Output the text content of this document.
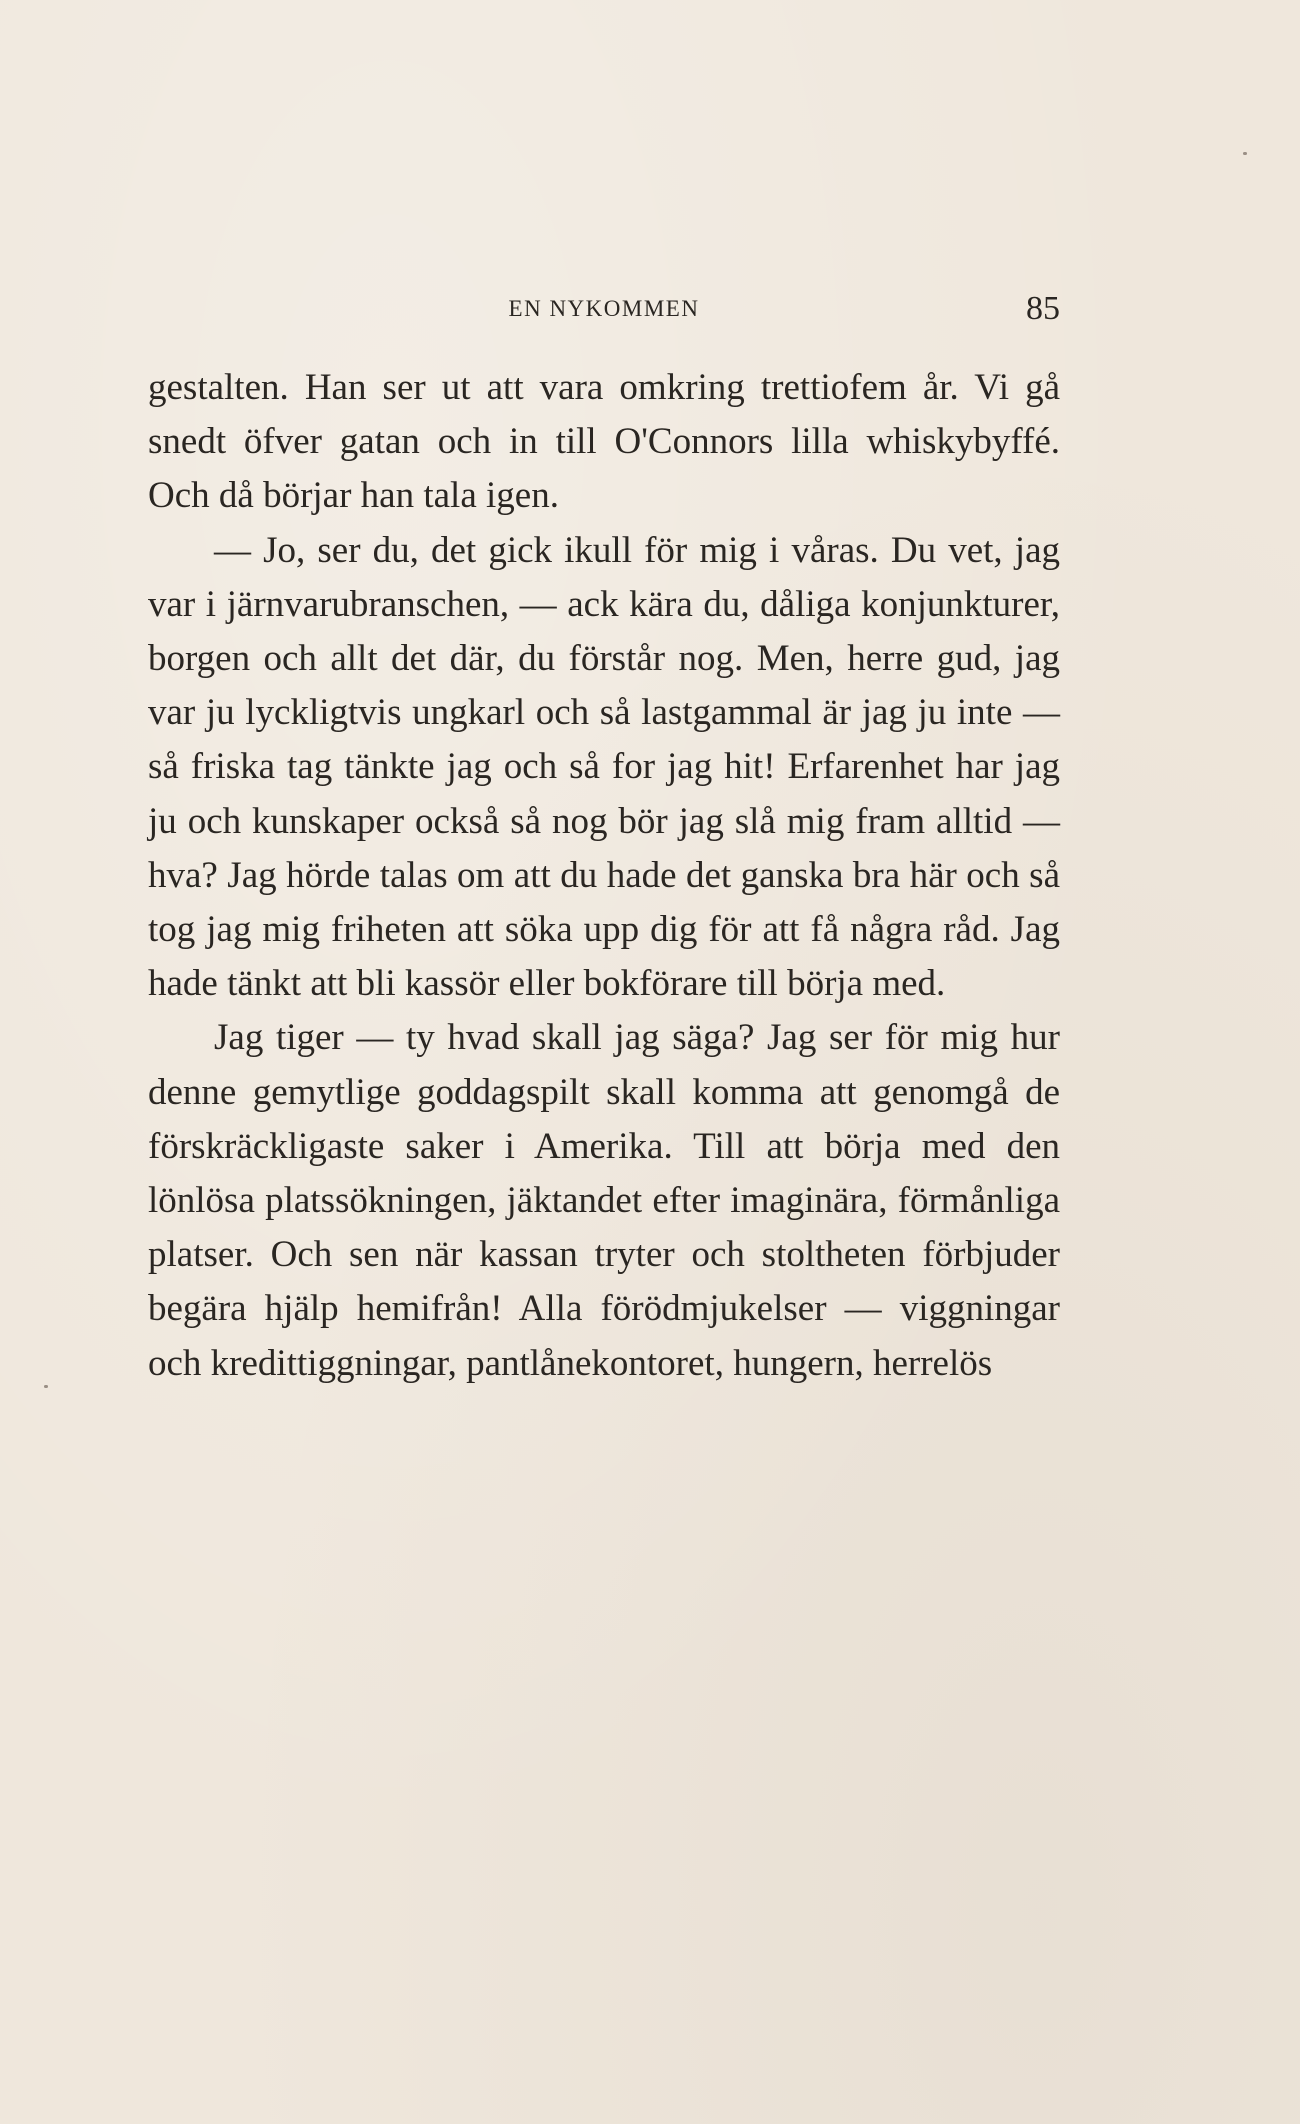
EN NYKOMMEN	85

gestalten. Han ser ut att vara omkring trettiofem år. Vi gå snedt öfver gatan och in till O'Connors lilla whiskybyffé. Och då börjar han tala igen.

— Jo, ser du, det gick ikull för mig i våras. Du vet, jag var i järnvarubranschen, — ack kära du, dåliga konjunkturer, borgen och allt det där, du förstår nog. Men, herre gud, jag var ju lyckligtvis ungkarl och så lastgammal är jag ju inte — så friska tag tänkte jag och så for jag hit! Erfarenhet har jag ju och kunskaper också så nog bör jag slå mig fram alltid — hva? Jag hörde talas om att du hade det ganska bra här och så tog jag mig friheten att söka upp dig för att få några råd. Jag hade tänkt att bli kassör eller bokförare till börja med.

Jag tiger — ty hvad skall jag säga? Jag ser för mig hur denne gemytlige goddagspilt skall komma att genomgå de förskräckligaste saker i Amerika. Till att börja med den lönlösa platssökningen, jäktandet efter imaginära, förmånliga platser. Och sen när kassan tryter och stoltheten förbjuder begära hjälp hemifrån! Alla förödmjukelser — viggningar och kredittiggningar, pantlånekontoret, hungern, herrelös
